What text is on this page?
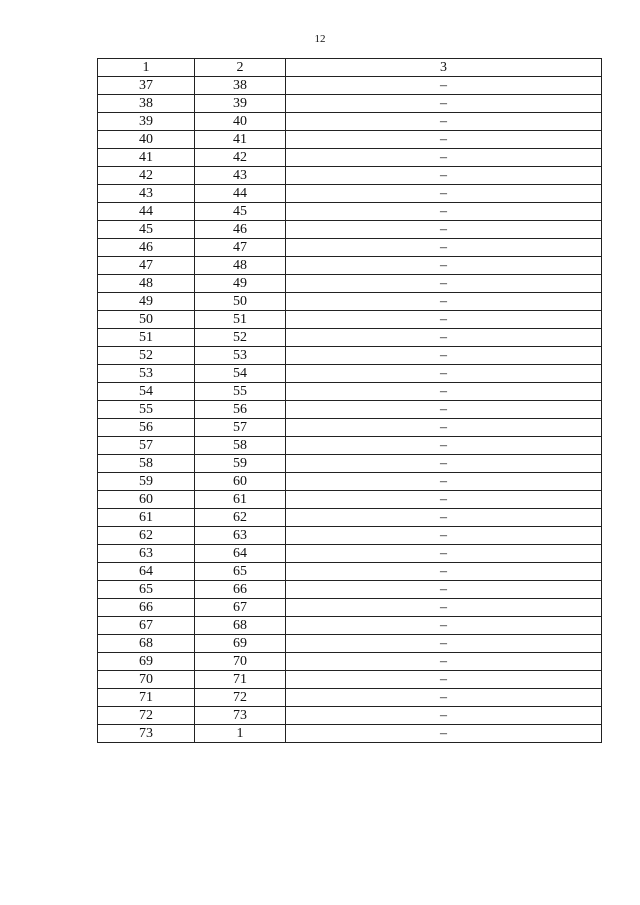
12
1	2	3
37	38	–
38	39	–
39	40	–
40	41	–
41	42	–
42	43	–
43	44	–
44	45	–
45	46	–
46	47	–
47	48	–
48	49	–
49	50	–
50	51	–
51	52	–
52	53	–
53	54	–
54	55	–
55	56	–
56	57	–
57	58	–
58	59	–
59	60	–
60	61	–
61	62	–
62	63	–
63	64	–
64	65	–
65	66	–
66	67	–
67	68	–
68	69	–
69	70	–
70	71	–
71	72	–
72	73	–
73	1	–
